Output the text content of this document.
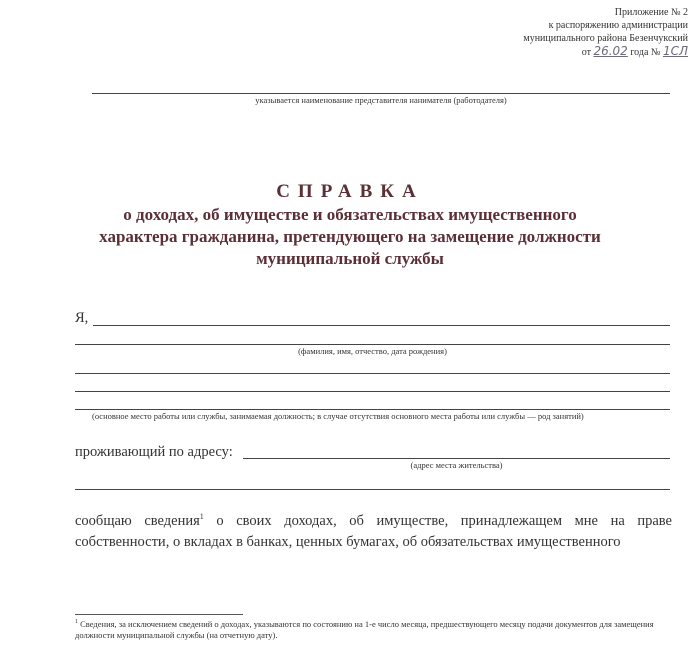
Приложение № 2
к распоряжению администрации
муниципального района Безенчукский
от 26.02 года № 1СЛ
указывается наименование представителя нанимателя (работодателя)
СПРАВКА
о доходах, об имуществе и обязательствах имущественного
характера гражданина, претендующего на замещение должности
муниципальной службы
Я,
(фамилия, имя, отчество, дата рождения)
(основное место работы или службы, занимаемая должность; в случае отсутствия основного места работы или службы — род занятий)
проживающий по адресу:
(адрес места жительства)
сообщаю сведения$^1$ о своих доходах, об имуществе, принадлежащем мне на праве собственности, о вкладах в банках, ценных бумагах, об обязательствах имущественного
$^1$ Сведения, за исключением сведений о доходах, указываются по состоянию на 1-е число месяца, предшествующего месяцу подачи документов для замещения должности муниципальной службы (на отчетную дату).
